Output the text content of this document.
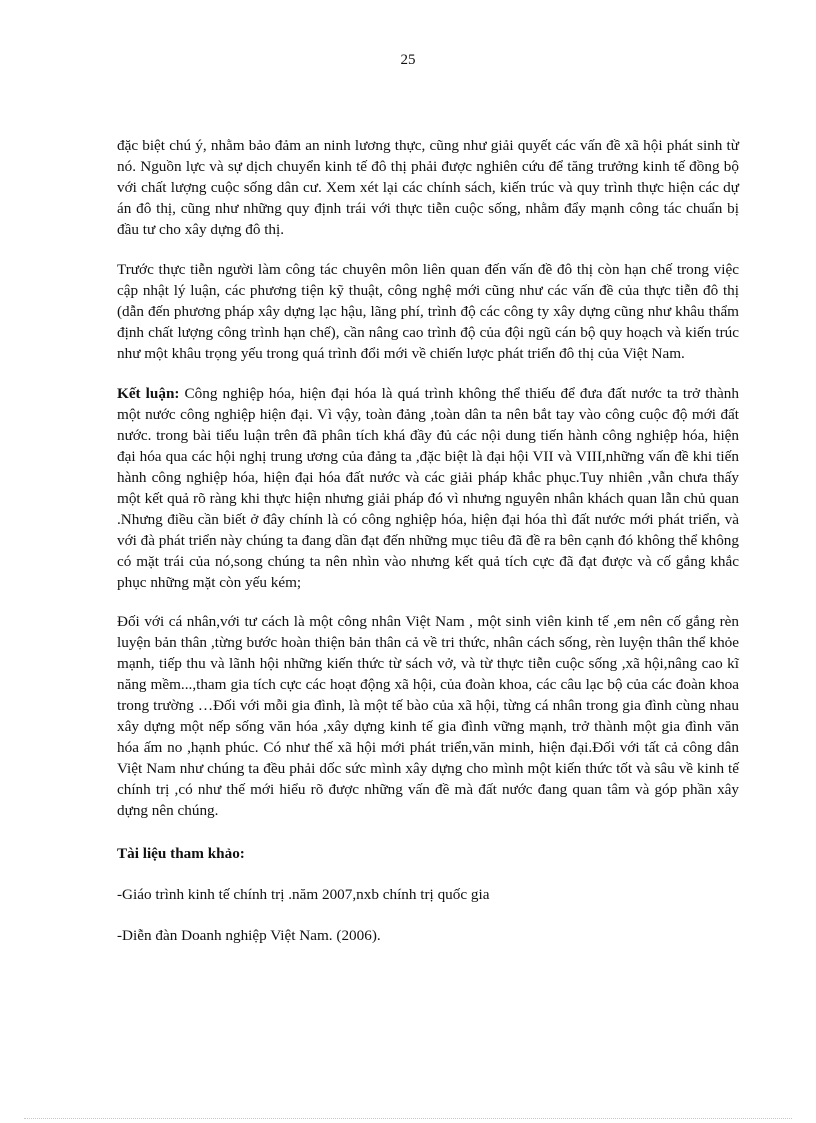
25

đặc biệt chú ý, nhằm bảo đảm an ninh lương thực, cũng như giải quyết các vấn đề xã hội phát sinh từ nó. Nguồn lực và sự dịch chuyển kinh tế đô thị phải được nghiên cứu để tăng trưởng kinh tế đồng bộ với chất lượng cuộc sống dân cư. Xem xét lại các chính sách, kiến trúc và quy trình thực hiện các dự án đô thị, cũng như những quy định trái với thực tiễn cuộc sống, nhằm đẩy mạnh công tác chuẩn bị đầu tư cho xây dựng đô thị.

Trước thực tiễn người làm công tác chuyên môn liên quan đến vấn đề đô thị còn hạn chế trong việc cập nhật lý luận, các phương tiện kỹ thuật, công nghệ mới cũng như các vấn đề của thực tiễn đô thị (dẫn đến phương pháp xây dựng lạc hậu, lãng phí, trình độ các công ty xây dựng cũng như khâu thẩm định chất lượng công trình hạn chế), cần nâng cao trình độ của đội ngũ cán bộ quy hoạch và kiến trúc như một khâu trọng yếu trong quá trình đổi mới về chiến lược phát triển đô thị của Việt Nam.

Kết luận: Công nghiệp hóa, hiện đại hóa là quá trình không thể thiếu để đưa đất nước ta trở thành một nước công nghiệp hiện đại. Vì vậy, toàn đảng ,toàn dân ta nên bắt tay vào công cuộc độ mới đất nước. trong bài tiểu luận trên đã phân tích khá đầy đủ các nội dung tiến hành công nghiệp hóa, hiện đại hóa qua các hội nghị trung ương của đảng ta ,đặc biệt là đại hội VII và VIII,những vấn đề khi tiến hành công nghiệp hóa, hiện đại hóa đất nước và các giải pháp khắc phục.Tuy nhiên ,vẫn chưa thấy một kết quả rõ ràng khi thực hiện nhưng giải pháp đó vì nhưng nguyên nhân khách quan lẫn chủ quan .Nhưng điều cần biết ở đây chính là có công nghiệp hóa, hiện đại hóa thì đất nước mới phát triển, và với đà phát triển này chúng ta đang dần đạt đến những mục tiêu đã đề ra bên cạnh đó không thể không có mặt trái của nó,song chúng ta nên nhìn vào nhưng kết quả tích cực đã đạt được và cố gắng khắc phục những mặt còn yếu kém;

Đối với cá nhân,với tư cách là một công nhân Việt Nam , một sinh viên kinh tế ,em nên cố gắng rèn luyện bản thân ,từng bước hoàn thiện bản thân cả về tri thức, nhân cách sống, rèn luyện thân thể khỏe mạnh, tiếp thu và lãnh hội những kiến thức từ sách vở, và từ thực tiễn cuộc sống ,xã hội,nâng cao kĩ năng mềm...,tham gia tích cực các hoạt động xã hội, của đoàn khoa, các câu lạc bộ của các đoàn khoa trong trường …Đối với mỗi gia đình, là một tế bào của xã hội, từng cá nhân trong gia đình cùng nhau xây dựng một nếp sống văn hóa ,xây dựng kinh tế gia đình vững mạnh, trở thành một gia đình văn hóa ấm no ,hạnh phúc. Có như thế xã hội mới phát triển,văn minh, hiện đại.Đối với tất cả công dân Việt Nam như chúng ta đều phải dốc sức mình xây dựng cho mình một kiến thức tốt và sâu về kinh tế chính trị ,có như thế mới hiểu rõ được những vấn đề mà đất nước đang quan tâm và góp phần xây dựng nên chúng.

Tài liệu tham khảo:

-Giáo trình kinh tế chính trị .năm 2007,nxb chính trị quốc gia

-Diễn đàn Doanh nghiệp Việt Nam. (2006).
